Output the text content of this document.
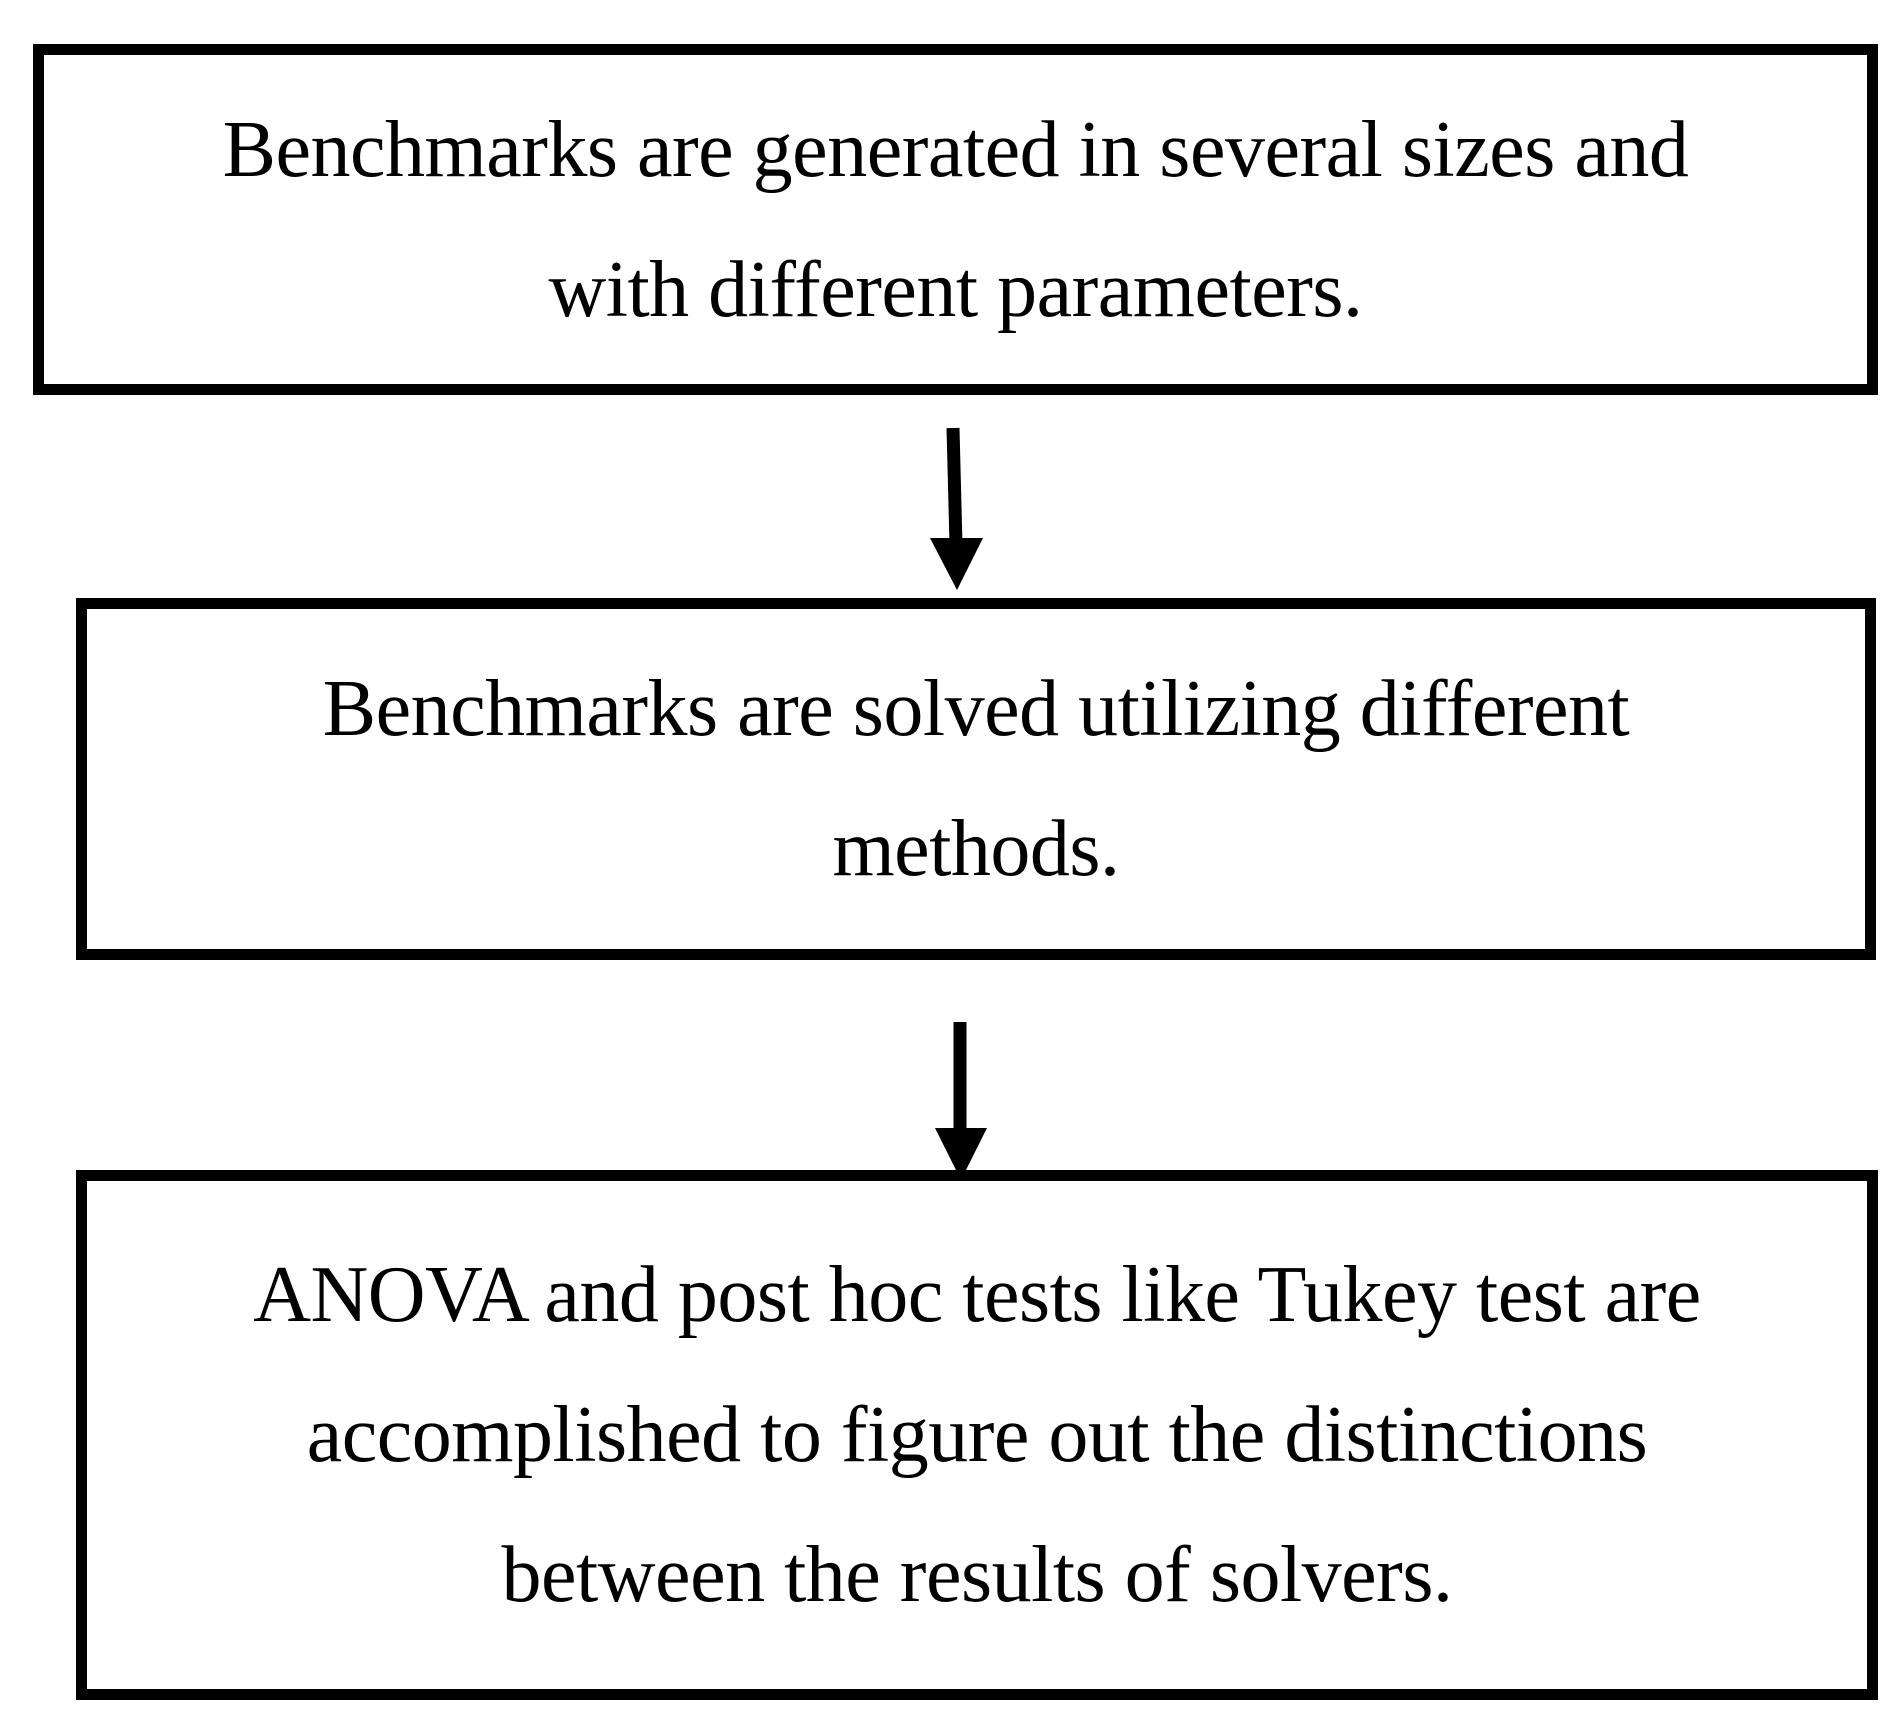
Benchmarks are generated in several sizes and
with different parameters.
Benchmarks are solved utilizing different
methods.
ANOVA and post hoc tests like Tukey test are
accomplished to figure out the distinctions
between the results of solvers.
